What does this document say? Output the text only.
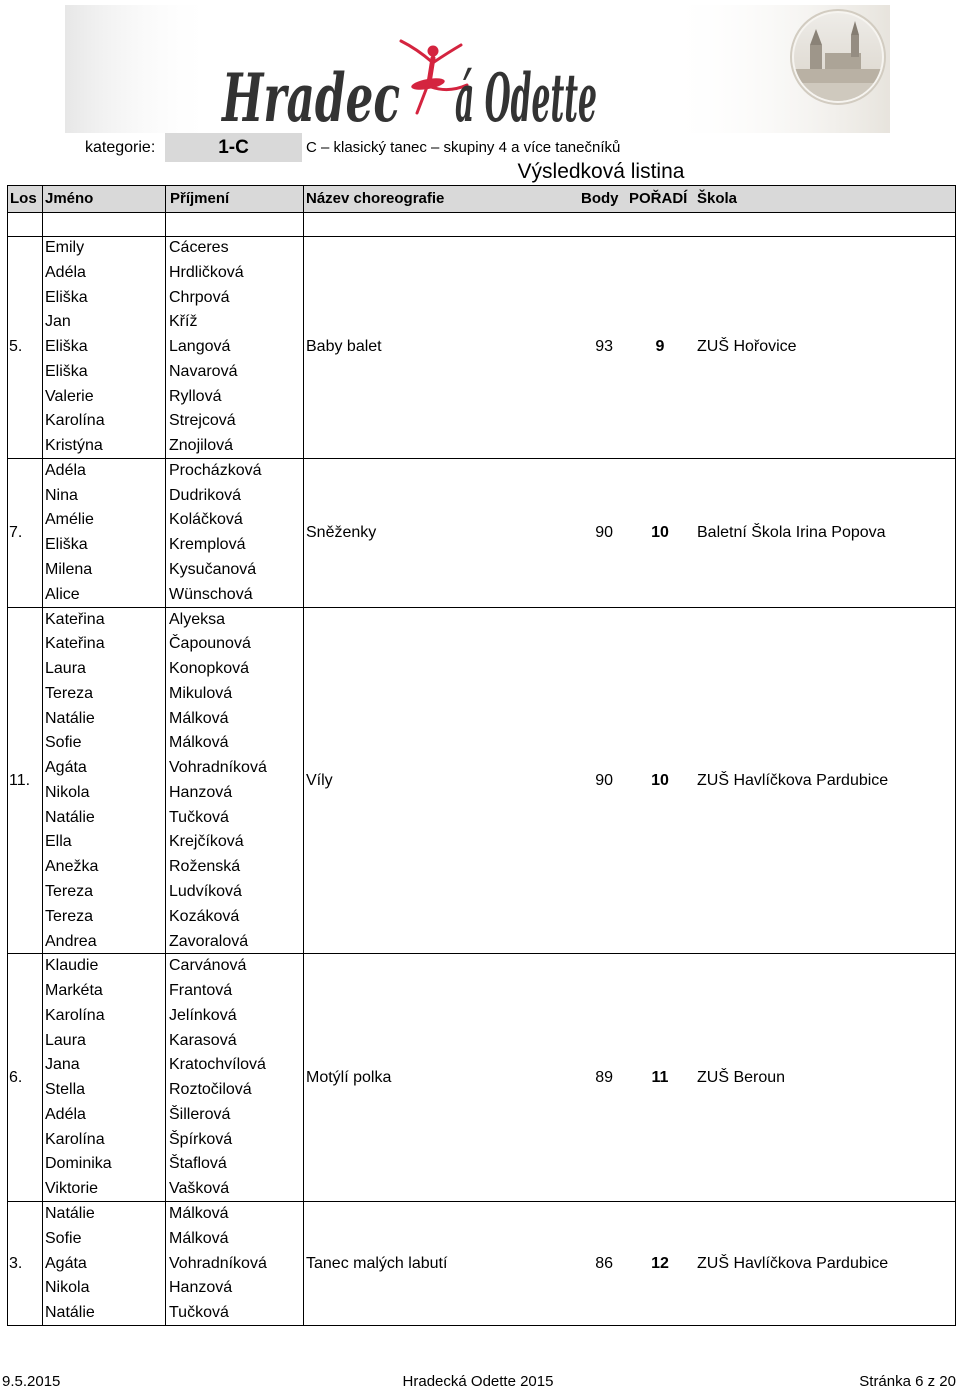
Hradec á Odette
kategorie:	1-C	C – klasický tanec – skupiny 4 a více tanečníků
Výsledková listina
Los Jméno	Příjmení	Název choreografie	Body POŘADÍ Škola
5.
Emily	Cáceres
Adéla	Hrdličková
Eliška	Chrpová
Jan	Kříž
Eliška	Langová
Eliška	Navarová
Valerie	Ryllová
Karolína	Strejcová
Kristýna	Znojilová
Baby balet	93	9	ZUŠ Hořovice
7.
Adéla	Procházková
Nina	Dudriková
Amélie	Koláčková
Eliška	Kremplová
Milena	Kysučanová
Alice	Wünschová
Sněženky	90	10	Baletní Škola Irina Popova
11.
Kateřina	Alyeksa
Kateřina	Čapounová
Laura	Konopková
Tereza	Mikulová
Natálie	Málková
Sofie	Málková
Agáta	Vohradníková
Nikola	Hanzová
Natálie	Tučková
Ella	Krejčíková
Anežka	Roženská
Tereza	Ludvíková
Tereza	Kozáková
Andrea	Zavoralová
Víly	90	10	ZUŠ Havlíčkova Pardubice
6.
Klaudie	Carvánová
Markéta	Frantová
Karolína	Jelínková
Laura	Karasová
Jana	Kratochvílová
Stella	Roztočilová
Adéla	Šillerová
Karolína	Špírková
Dominika	Štaflová
Viktorie	Vašková
Motýlí polka	89	11	ZUŠ Beroun
3.
Natálie	Málková
Sofie	Málková
Agáta	Vohradníková
Nikola	Hanzová
Natálie	Tučková
Tanec malých labutí	86	12	ZUŠ Havlíčkova Pardubice
9.5.2015	Hradecká Odette 2015	Stránka 6 z 20
